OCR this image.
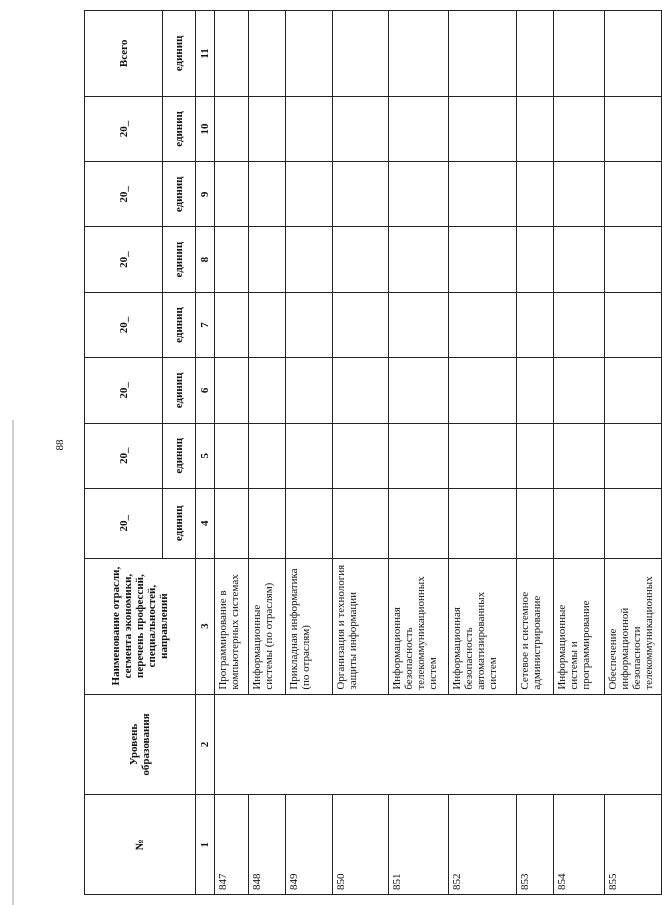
88
№	Уровень образования	Наименование отрасли, сегмента экономики, перечень профессий, специальностей, направлений	20_	20_	20_	20_	20_	20_	20_	Всего
			единиц	единиц	единиц	единиц	единиц	единиц	единиц	единиц
1	2	3	4	5	6	7	8	9	10	11
847		Программирование в компьютерных системах								
848		Информационные системы (по отраслям)								
849		Прикладная информатика (по отраслям)								
850		Организация и технология защиты информации								
851		Информационная безопасность телекоммуникационных систем								
852		Информационная безопасность автоматизированных систем								
853		Сетевое и системное администрирование								
854		Информационные системы и программирование								
855		Обеспечение информационной безопасности телекоммуникационных								
